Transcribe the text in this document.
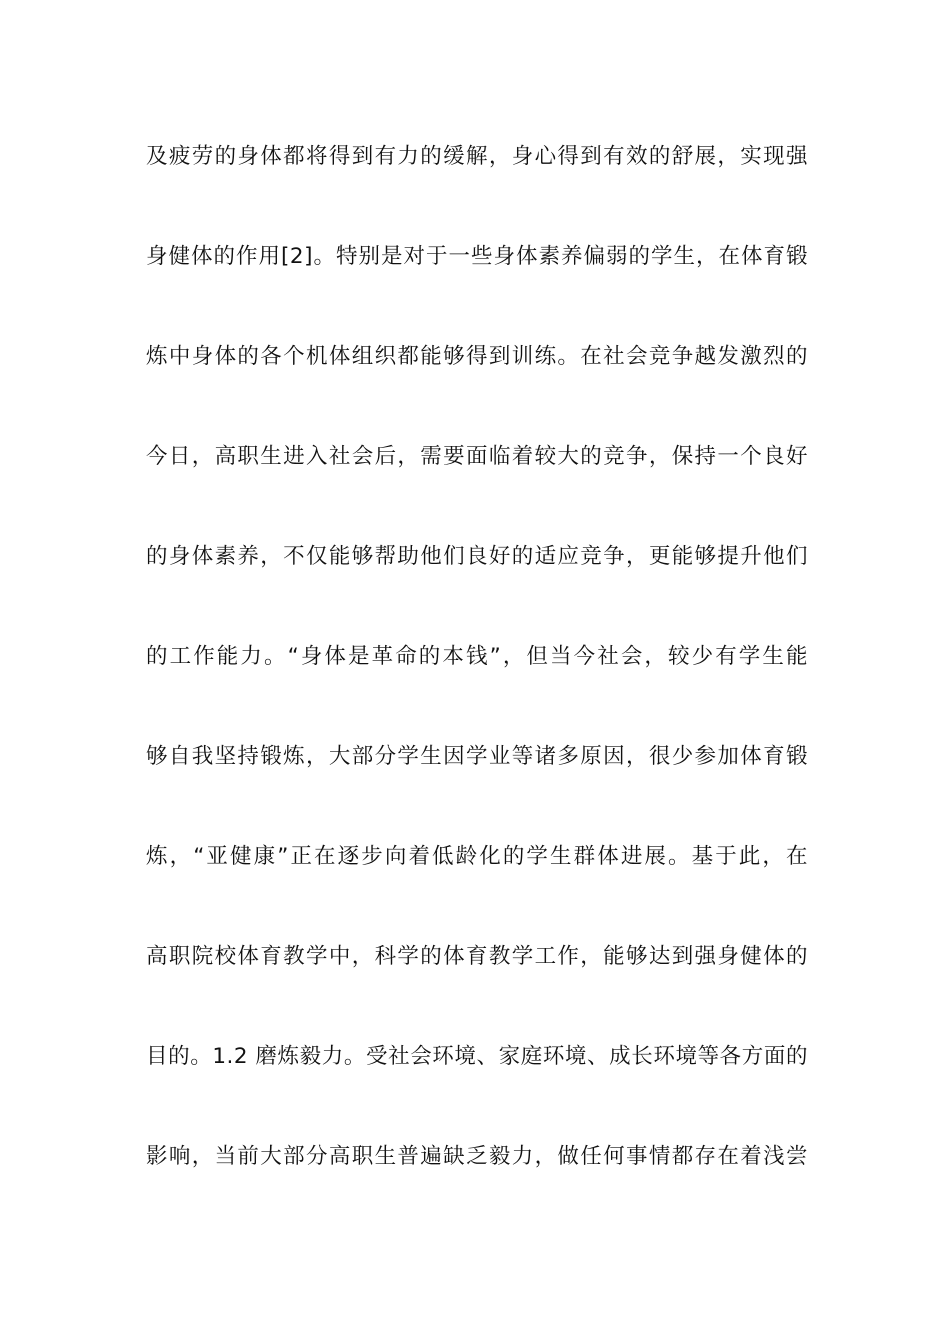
及疲劳的身体都将得到有力的缓解，身心得到有效的舒展，实现强
身健体的作用[2]。特别是对于一些身体素养偏弱的学生，在体育锻
炼中身体的各个机体组织都能够得到训练。在社会竞争越发激烈的
今日，高职生进入社会后，需要面临着较大的竞争，保持一个良好
的身体素养，不仅能够帮助他们良好的适应竞争，更能够提升他们
的工作能力。“身体是革命的本钱”，但当今社会，较少有学生能
够自我坚持锻炼，大部分学生因学业等诸多原因，很少参加体育锻
炼，“亚健康”正在逐步向着低龄化的学生群体进展。基于此，在
高职院校体育教学中，科学的体育教学工作，能够达到强身健体的
目的。1.2 磨炼毅力。受社会环境、家庭环境、成长环境等各方面的
影响，当前大部分高职生普遍缺乏毅力，做任何事情都存在着浅尝
